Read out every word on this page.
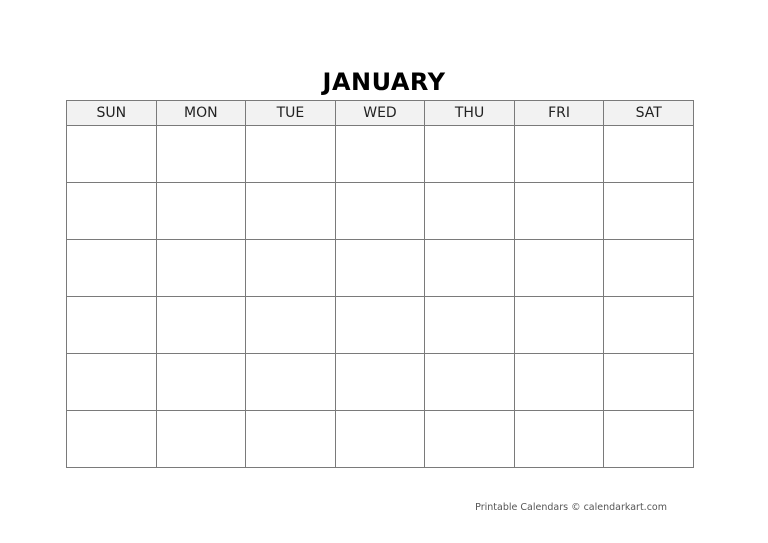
JANUARY
SUN	MON	TUE	WED	THU	FRI	SAT

Printable Calendars © calendarkart.com
